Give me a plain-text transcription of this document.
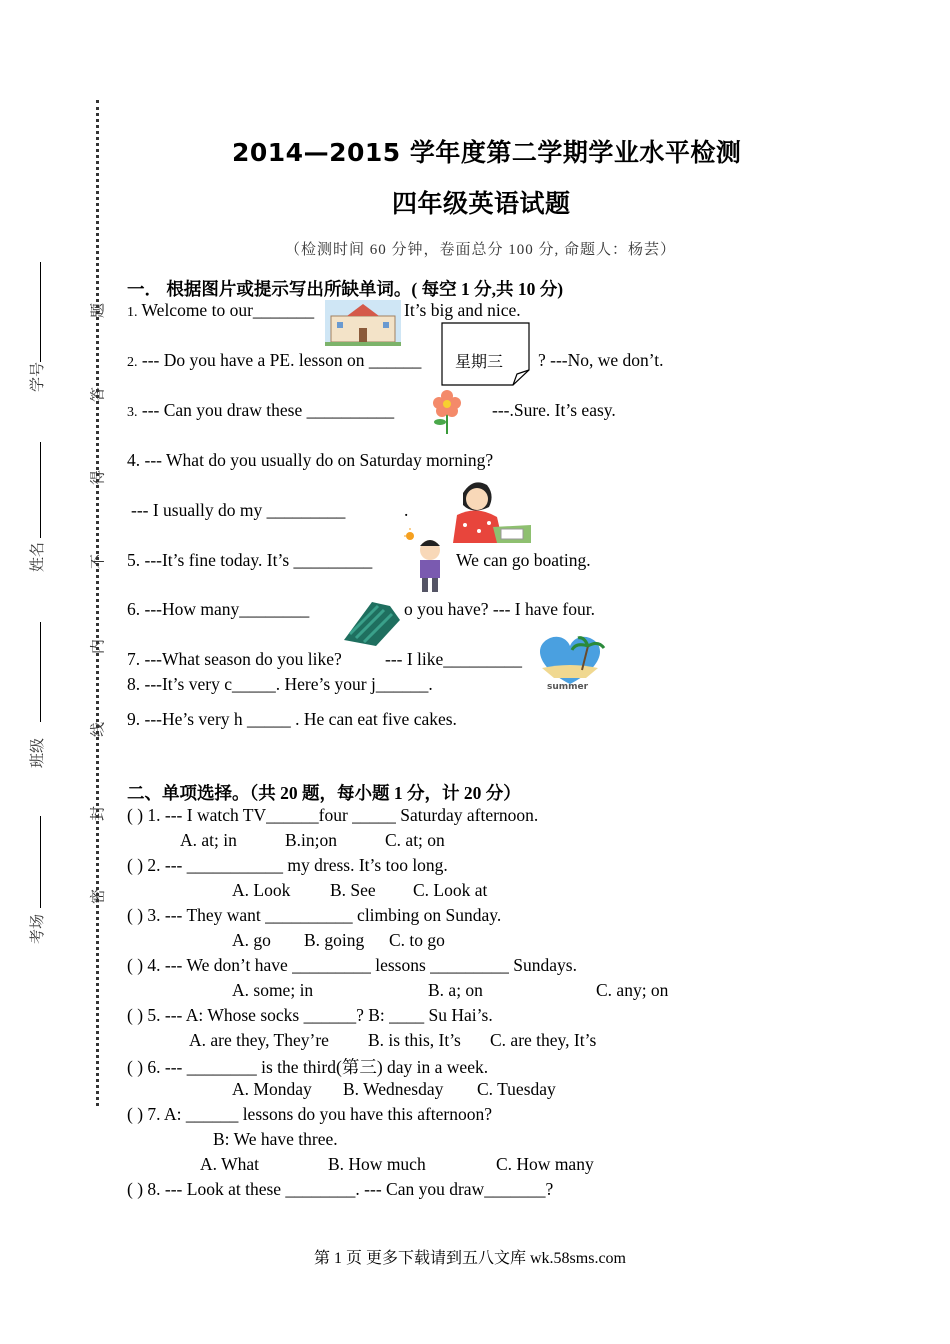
学号
姓名
班级
考场
题
答
得
不
内
线
封
密
2014—2015 学年度第二学期学业水平检测
四年级英语试题
（检测时间 60 分钟，卷面总分 100 分, 命题人：杨芸）
一． 根据图片或提示写出所缺单词。( 每空 1 分,共 10 分)
1. Welcome to our_______	It’s big and nice.
2. --- Do you have a PE. lesson on ______ 星期三 ? ---No, we don’t.
3. --- Can you draw these __________	---.Sure. It’s easy.
4. --- What do you usually do on Saturday morning?
--- I usually do my _________	.
5. ---It’s fine today. It’s _________	We can go boating.
6. ---How many________	o you have? --- I have four.
7. ---What season do you like? --- I like_________
summer
8. ---It’s very c_____. Here’s your j______.
9. ---He’s very h _____ . He can eat five cakes.
二、单项选择。（共 20 题，每小题 1 分，计 20 分）
( ) 1. --- I watch TV______four _____ Saturday afternoon.
A. at; in	B.in;on	C. at; on
( ) 2. --- ___________ my dress. It’s too long.
A. Look B. See C. Look at
( ) 3. --- They want __________ climbing on Sunday.
A. go B. going C. to go
( ) 4. --- We don’t have _________ lessons _________ Sundays.
A. some; in	B. a; on	C. any; on
( ) 5. --- A: Whose socks ______? B: ____ Su Hai’s.
A. are they, They’re B. is this, It’s C. are they, It’s
( ) 6. --- ________ is the third(第三) day in a week.
A. Monday B. Wednesday C. Tuesday
( ) 7. A: ______ lessons do you have this afternoon?
B: We have three.
A. What	B. How much	C. How many
( ) 8. --- Look at these ________. --- Can you draw_______?
第 1 页 更多下载请到五八文库 wk.58sms.com
